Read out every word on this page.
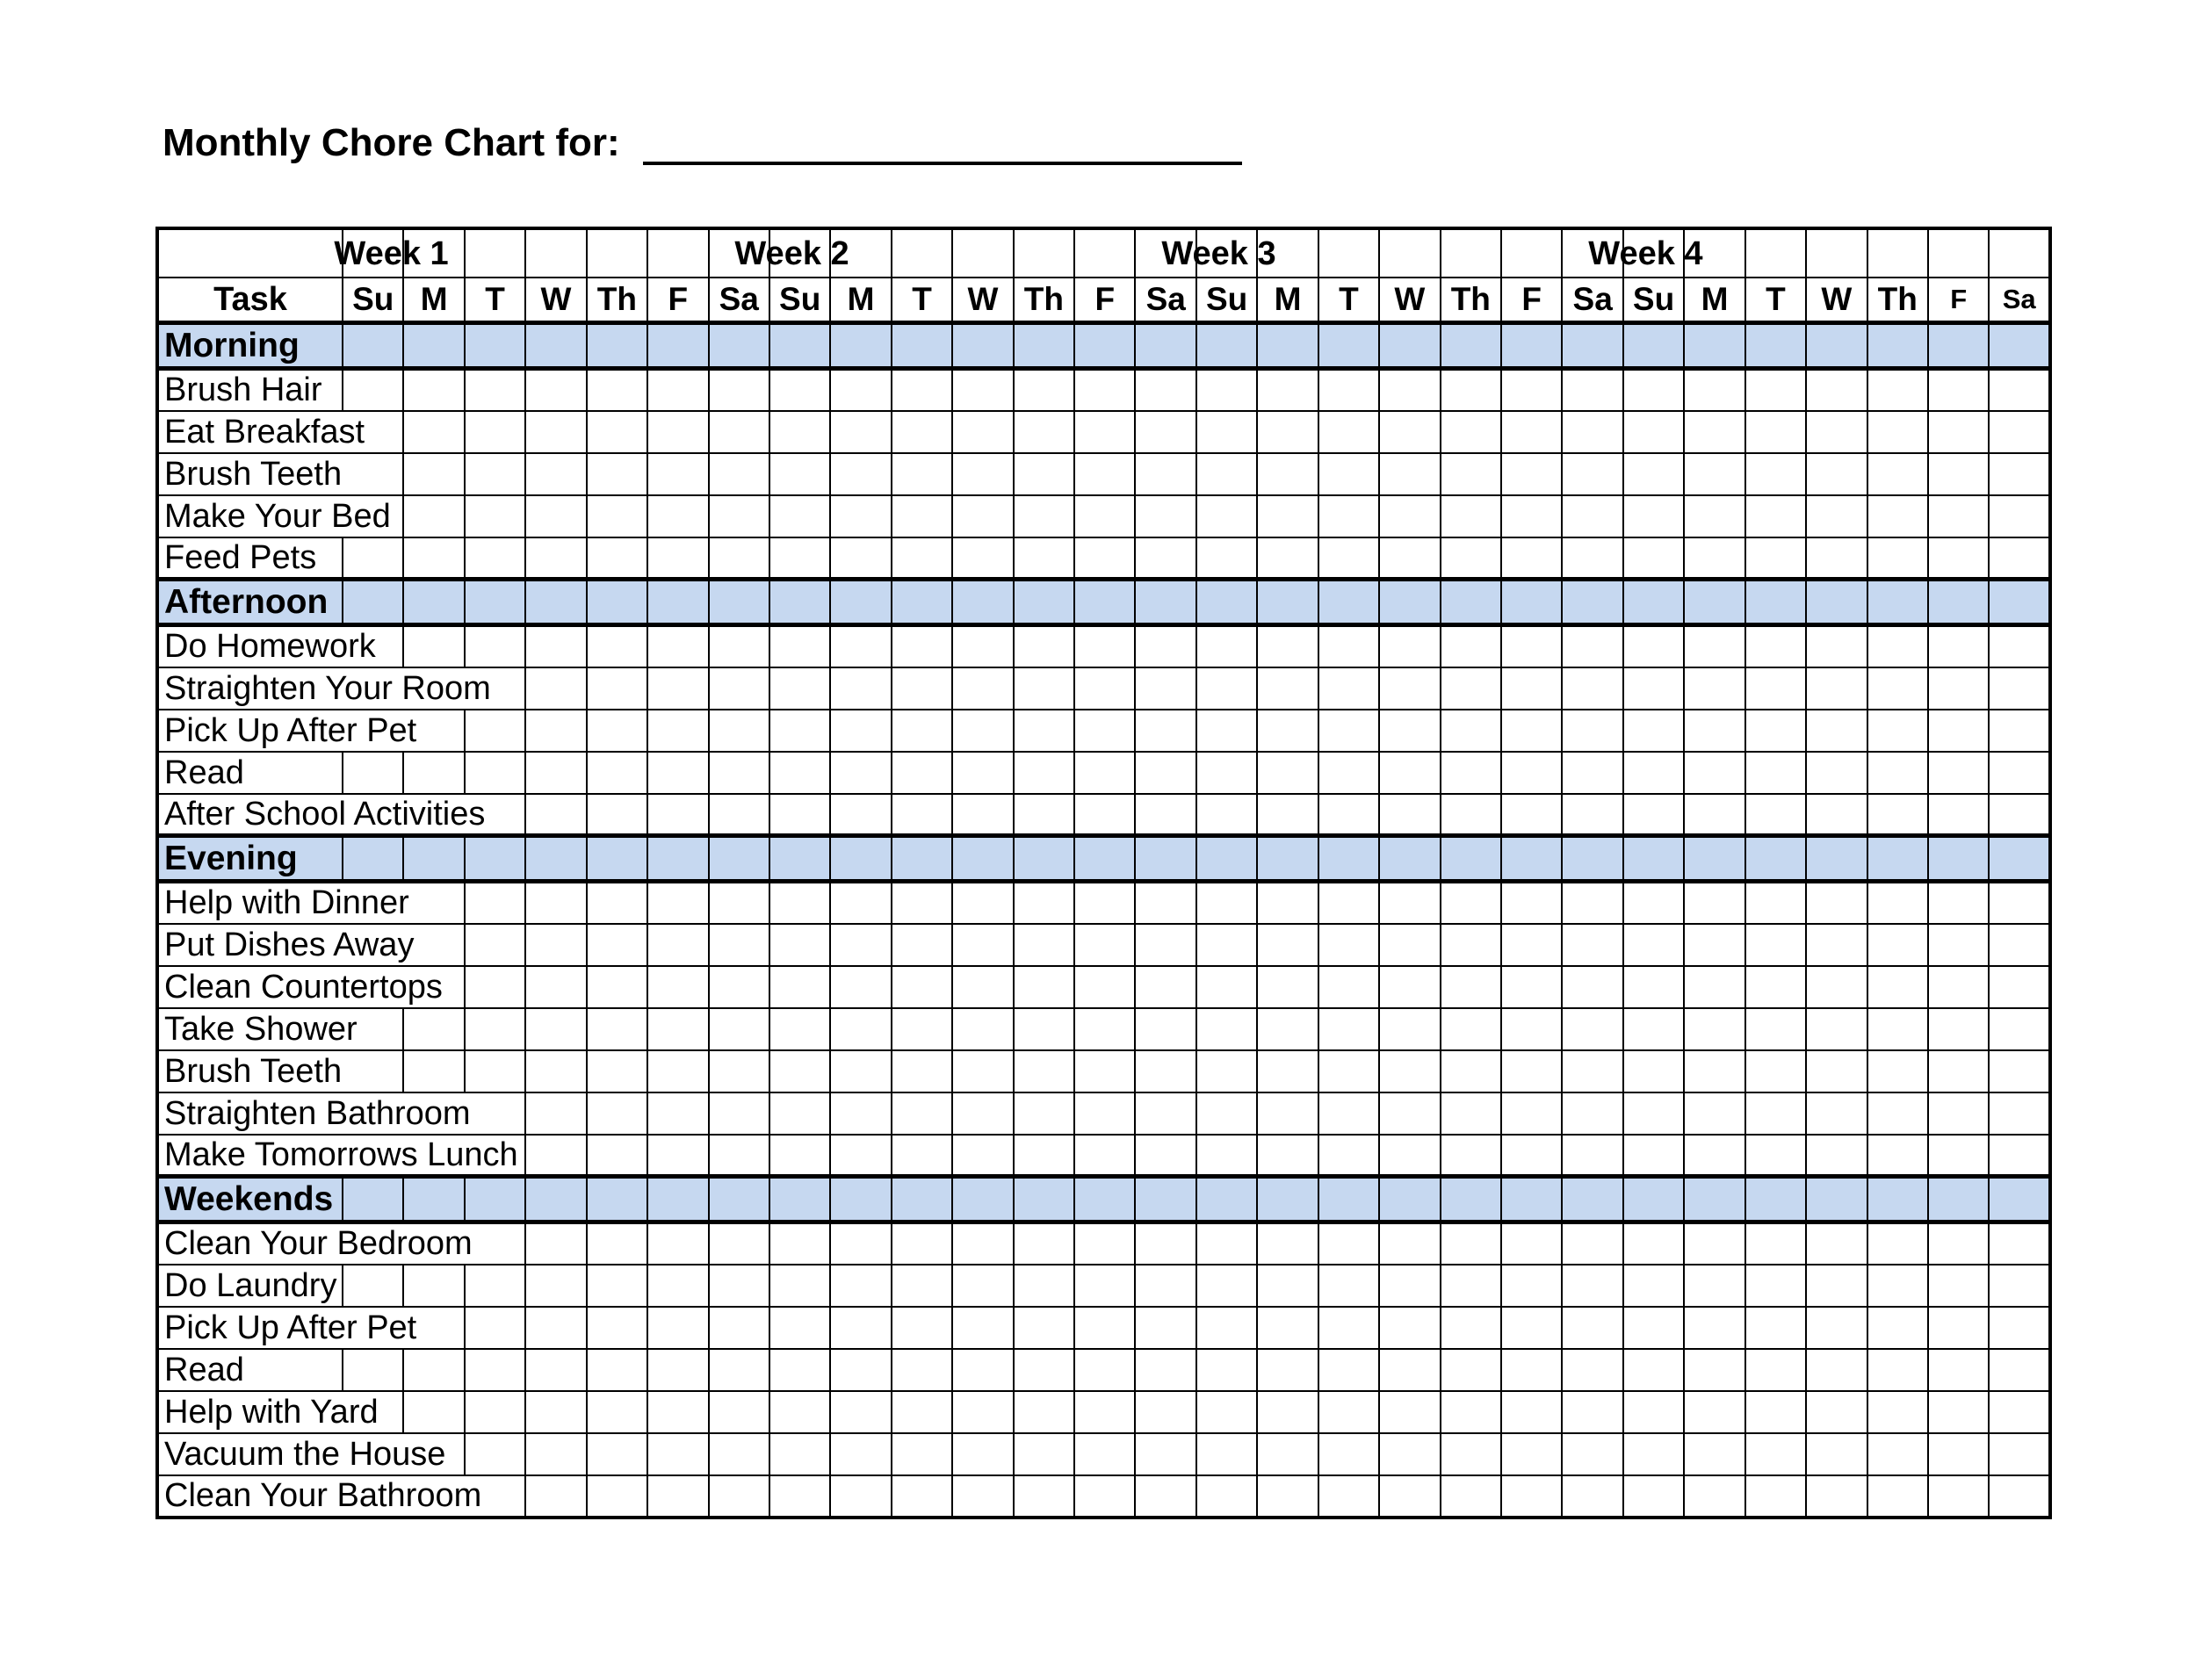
Monthly Chore Chart for:

		Week 1							Week 2							Week 3							Week 4					

Task	Su	M	T	W	Th	F	Sa	Su	M	T	W	Th	F	Sa	Su	M	T	W	Th	F	Sa	Su	M	T	W	Th	F	Sa

Morning																												

Brush Hair																												

Eat Breakfast																												

Brush Teeth																												

Make Your Bed																												

Feed Pets																												

Afternoon																												

Do Homework																												

Straighten Your Room																												

Pick Up After Pet																												

Read																												

After School Activities																												

Evening																												

Help with Dinner																												

Put Dishes Away																												

Clean Countertops																												

Take Shower																												

Brush Teeth																												

Straighten Bathroom																												

Make Tomorrows Lunch																												

Weekends																												

Clean Your Bedroom																												

Do Laundry																												

Pick Up After Pet																												

Read																												

Help with Yard																												

Vacuum the House																												

Clean Your Bathroom																												
